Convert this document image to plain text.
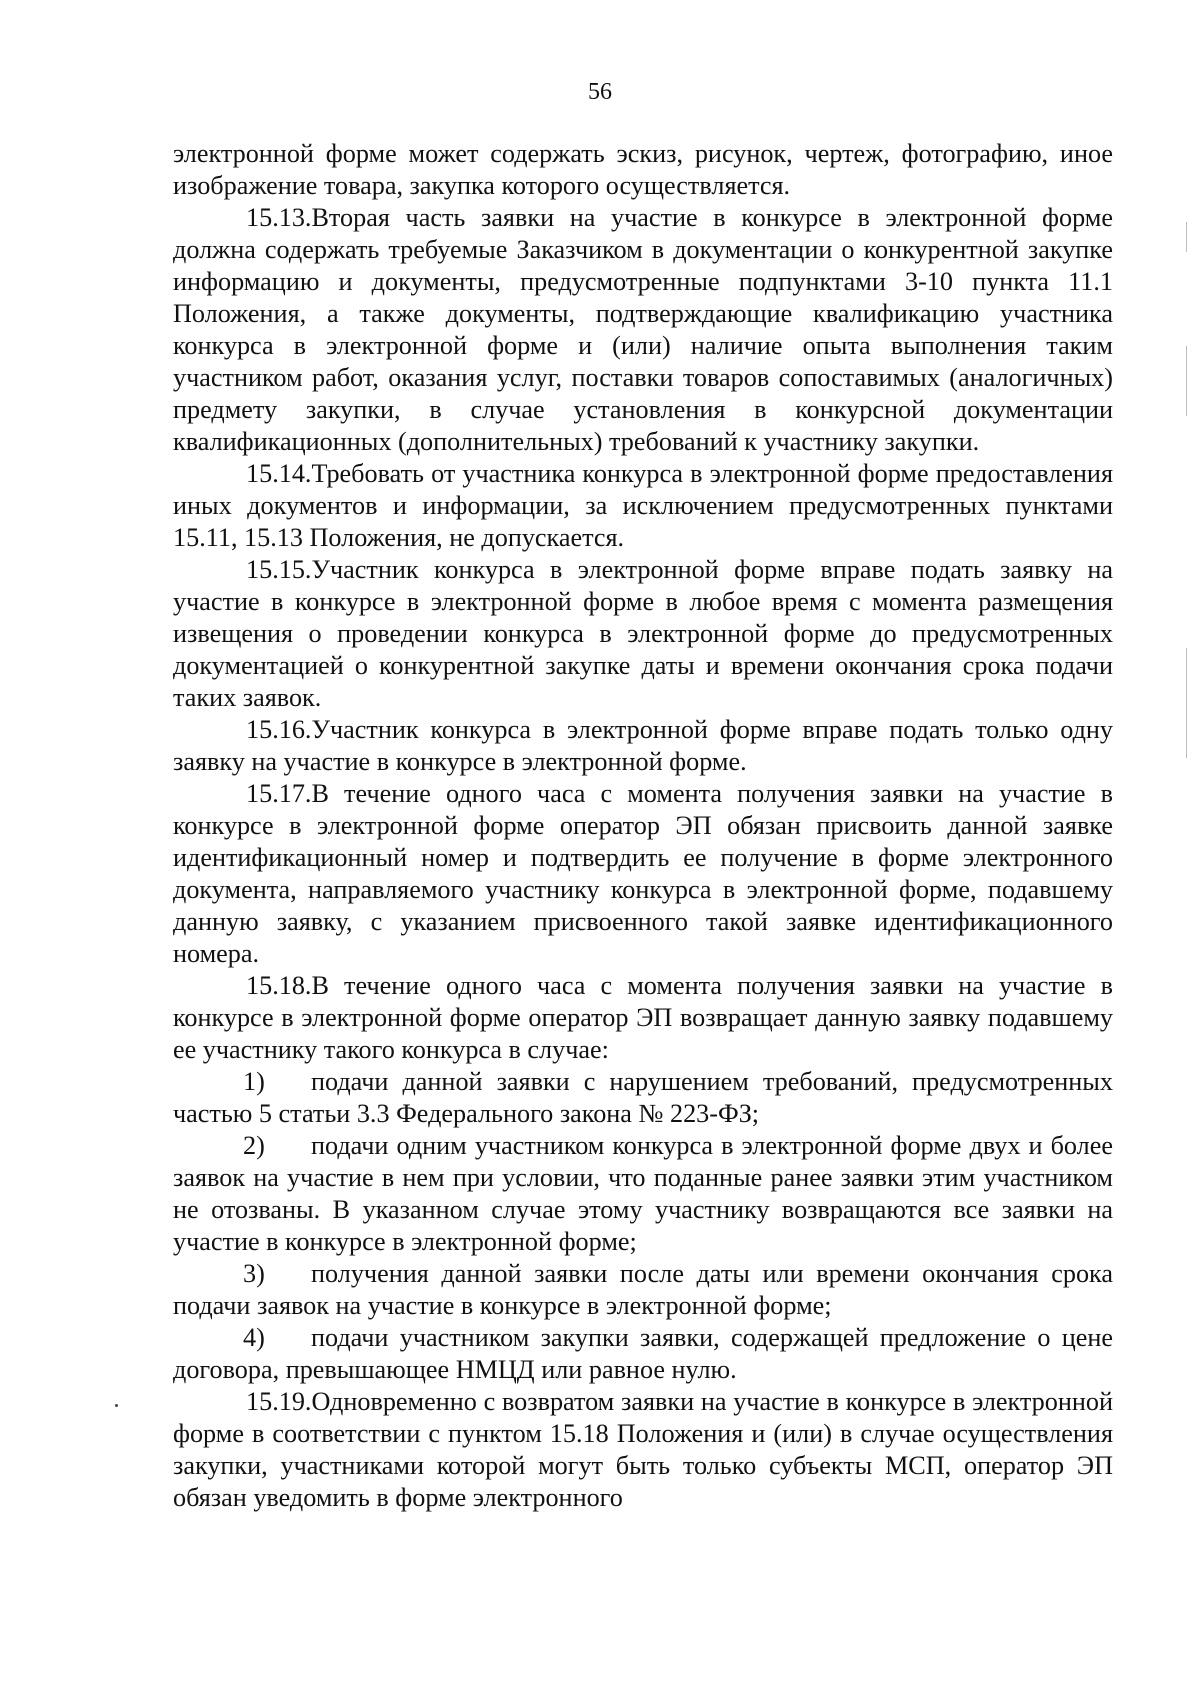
56

электронной форме может содержать эскиз, рисунок, чертеж, фотографию, иное изображение товара, закупка которого осуществляется.

15.13.Вторая часть заявки на участие в конкурсе в электронной форме должна содержать требуемые Заказчиком в документации о конкурентной закупке информацию и документы, предусмотренные подпунктами 3-10 пункта 11.1 Положения, а также документы, подтверждающие квалификацию участника конкурса в электронной форме и (или) наличие опыта выполнения таким участником работ, оказания услуг, поставки товаров сопоставимых (аналогичных) предмету закупки, в случае установления в конкурсной документации квалификационных (дополнительных) требований к участнику закупки.

15.14.Требовать от участника конкурса в электронной форме предоставления иных документов и информации, за исключением предусмотренных пунктами 15.11, 15.13 Положения, не допускается.

15.15.Участник конкурса в электронной форме вправе подать заявку на участие в конкурсе в электронной форме в любое время с момента размещения извещения о проведении конкурса в электронной форме до предусмотренных документацией о конкурентной закупке даты и времени окончания срока подачи таких заявок.

15.16.Участник конкурса в электронной форме вправе подать только одну заявку на участие в конкурсе в электронной форме.

15.17.В течение одного часа с момента получения заявки на участие в конкурсе в электронной форме оператор ЭП обязан присвоить данной заявке идентификационный номер и подтвердить ее получение в форме электронного документа, направляемого участнику конкурса в электронной форме, подавшему данную заявку, с указанием присвоенного такой заявке идентификационного номера.

15.18.В течение одного часа с момента получения заявки на участие в конкурсе в электронной форме оператор ЭП возвращает данную заявку подавшему ее участнику такого конкурса в случае:

1) подачи данной заявки с нарушением требований, предусмотренных частью 5 статьи 3.3 Федерального закона № 223-ФЗ;

2) подачи одним участником конкурса в электронной форме двух и более заявок на участие в нем при условии, что поданные ранее заявки этим участником не отозваны. В указанном случае этому участнику возвращаются все заявки на участие в конкурсе в электронной форме;

3) получения данной заявки после даты или времени окончания срока подачи заявок на участие в конкурсе в электронной форме;

4) подачи участником закупки заявки, содержащей предложение о цене договора, превышающее НМЦД или равное нулю.

15.19.Одновременно с возвратом заявки на участие в конкурсе в электронной форме в соответствии с пунктом 15.18 Положения и (или) в случае осуществления закупки, участниками которой могут быть только субъекты МСП, оператор ЭП обязан уведомить в форме электронного
